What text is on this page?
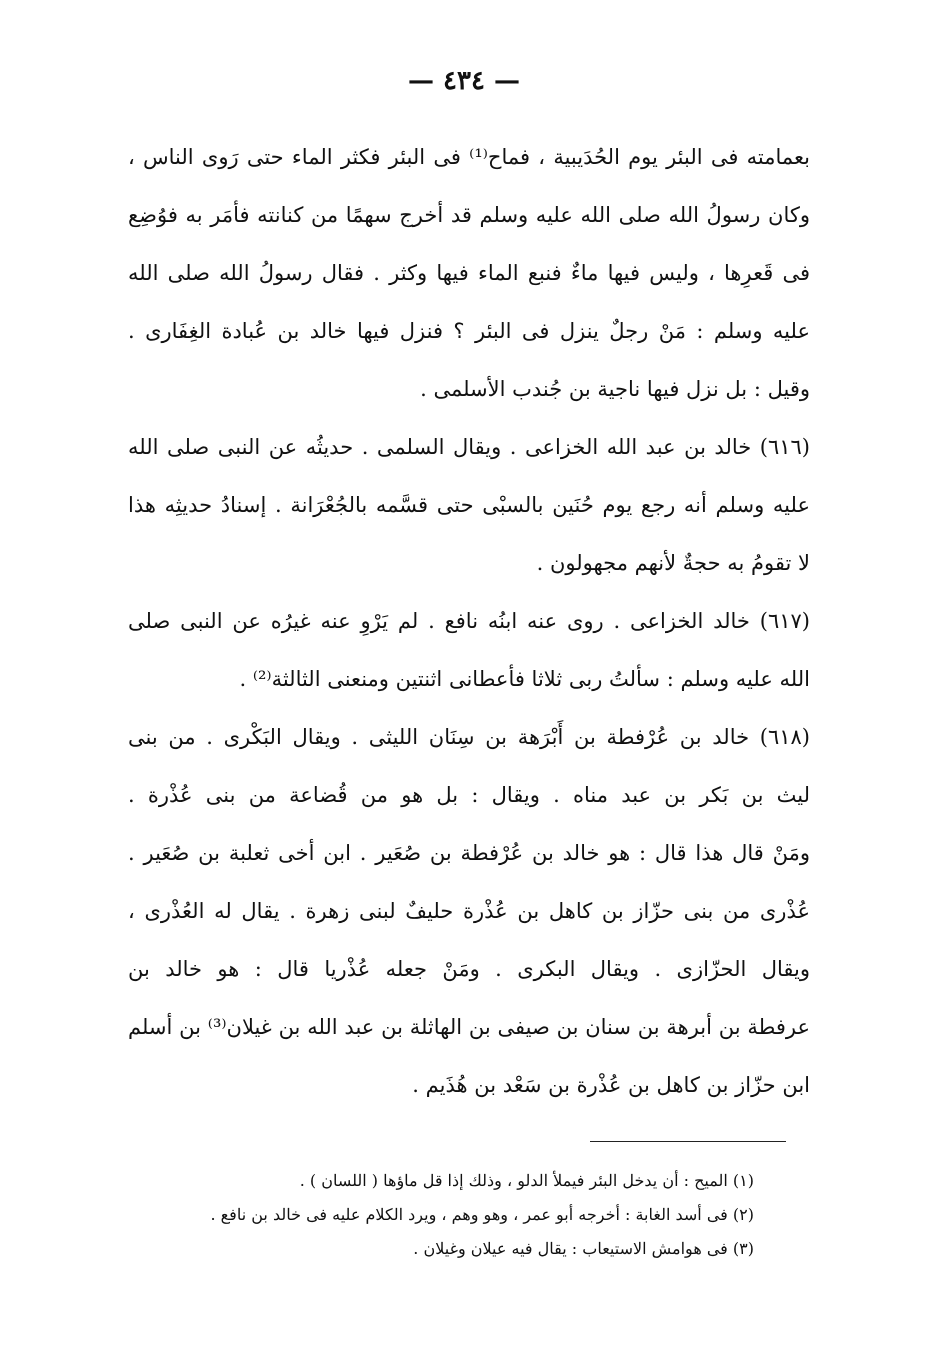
— ٤٣٤ —
بعمامته فى البئر يوم الحُدَيبية ، فماح⁽¹⁾ فى البئر فكثر الماء حتى رَوى الناس ،
وكان رسولُ الله صلى الله عليه وسلم قد أخرج سهمًا من كنانته فأمَر به فوُضِع
فى قَعرِها ، وليس فيها ماءٌ فنبع الماء فيها وكثر . فقال رسولُ الله صلى الله
عليه وسلم : مَنْ رجلٌ ينزل فى البئر ؟ فنزل فيها خالد بن عُبادة الغِفَارى .
وقيل : بل نزل فيها ناجية بن جُندب الأسلمى .
(٦١٦) خالد بن عبد الله الخزاعى . ويقال السلمى . حديثُه عن النبى صلى الله
عليه وسلم أنه رجع يوم حُنَين بالسبْى حتى قسَّمه بالجُعْرَانة . إسنادُ حديثِه هذا
لا تقومُ به حجةٌ لأنهم مجهولون .
(٦١٧) خالد الخزاعى . روى عنه ابنُه نافع . لم يَرْوِ عنه غيرُه عن النبى صلى
الله عليه وسلم : سألتُ ربى ثلاثا فأعطانى اثنتين ومنعنى الثالثة⁽²⁾ .
(٦١٨) خالد بن عُرْفطة بن أَبْرَهة بن سِنَان الليثى . ويقال البَكْرى . من بنى
ليث بن بَكر بن عبد مناه . ويقال : بل هو من قُضاعة من بنى عُذْرة .
ومَنْ قال هذا قال : هو خالد بن عُرْفطة بن صُعَير . ابن أخى ثعلبة بن صُعَير .
عُذْرى من بنى حزّاز بن كاهل بن عُذْرة حليفٌ لبنى زهرة . يقال له العُذْرى ،
ويقال الحزّازى . ويقال البكرى . ومَنْ جعله عُذْريا قال : هو خالد بن
عرفطة بن أبرهة بن سنان بن صيفى بن الهاثلة بن عبد الله بن غيلان⁽³⁾ بن أسلم
ابن حزّاز بن كاهل بن عُذْرة بن سَعْد بن هُذَيم .
(١) الميح : أن يدخل البئر فيملأ الدلو ، وذلك إذا قل ماؤها ( اللسان ) .
(٢) فى أسد الغابة : أخرجه أبو عمر ، وهو وهم ، ويرد الكلام عليه فى خالد بن نافع .
(٣) فى هوامش الاستيعاب : يقال فيه عيلان وغيلان .
